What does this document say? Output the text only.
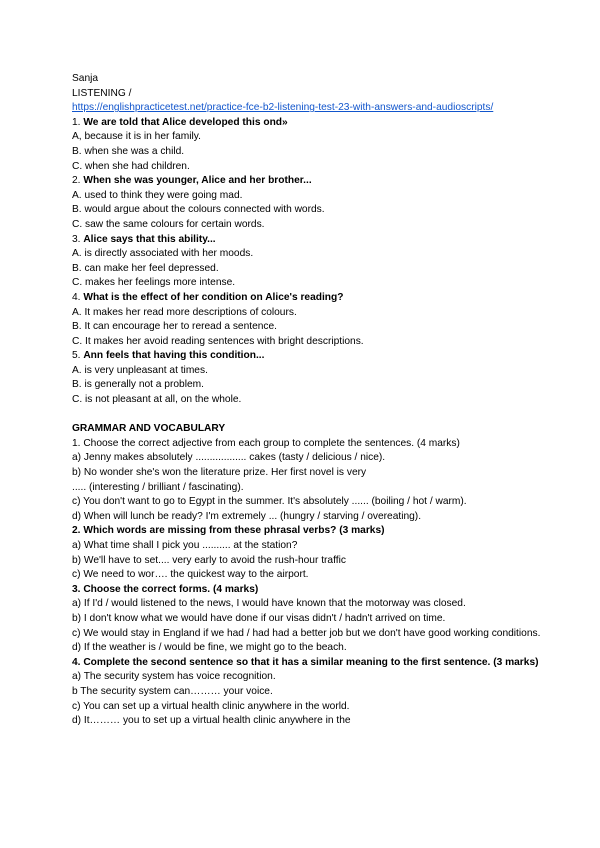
Sanja
LISTENING /
https://englishpracticetest.net/practice-fce-b2-listening-test-23-with-answers-and-audioscripts/
1. We are told that Alice developed this ond»
A, because it is in her family.
B. when she was a child.
C. when she had children.
2. When she was younger, Alice and her brother...
A. used to think they were going mad.
B. would argue about the colours connected with words.
C. saw the same colours for certain words.
3. Alice says that this ability...
A. is directly associated with her moods.
B. can make her feel depressed.
C. makes her feelings more intense.
4. What is the effect of her condition on Alice's reading?
A. It makes her read more descriptions of colours.
B. It can encourage her to reread a sentence.
C. It makes her avoid reading sentences with bright descriptions.
5. Ann feels that having this condition...
A. is very unpleasant at times.
B. is generally not a problem.
C. is not pleasant at all, on the whole.
GRAMMAR AND VOCABULARY
1. Choose the correct adjective from each group to complete the sentences. (4 marks)
a) Jenny makes absolutely .................. cakes (tasty / delicious / nice).
b) No wonder she's won the literature prize. Her first novel is very
..... (interesting / brilliant / fascinating).
c) You don't want to go to Egypt in the summer. It's absolutely ...... (boiling / hot / warm).
d) When will lunch be ready? I'm extremely ... (hungry / starving / overeating).
2. Which words are missing from these phrasal verbs? (3 marks)
a) What time shall I pick you .......... at the station?
b) We'll have to set.... very early to avoid the rush-hour traffic
c) We need to wor…. the quickest way to the airport.
3. Choose the correct forms. (4 marks)
a) If I'd / would listened to the news, I would have known that the motorway was closed.
b) I don't know what we would have done if our visas didn't / hadn't arrived on time.
c) We would stay in England if we had / had had a better job but we don't have good working conditions.
d) If the weather is / would be fine, we might go to the beach.
4. Complete the second sentence so that it has a similar meaning to the first sentence. (3 marks)
a) The security system has voice recognition.
b The security system can……… your voice.
c) You can set up a virtual health clinic anywhere in the world.
d) It……… you to set up a virtual health clinic anywhere in the
